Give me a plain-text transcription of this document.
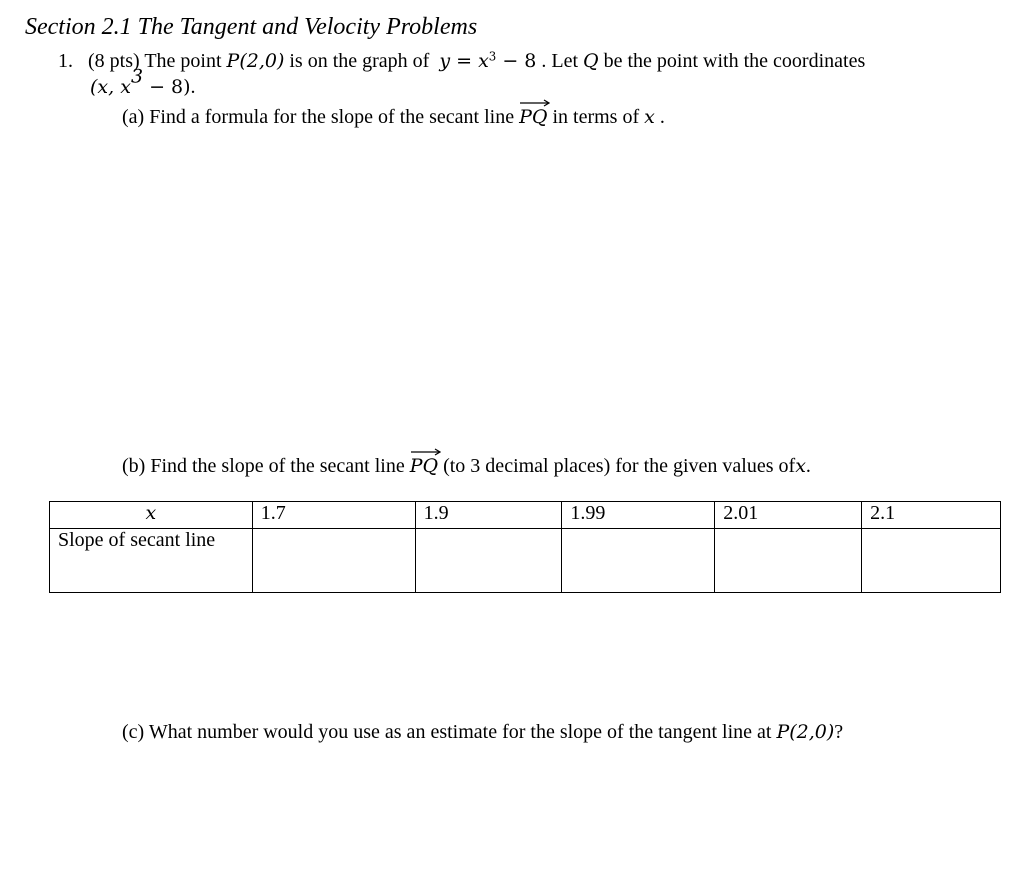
Section 2.1 The Tangent and Velocity Problems
1. (8 pts) The point P(2,0) is on the graph of $y = x^3 - 8$ . Let Q be the point with the coordinates
(x, $x^3 - 8$).
(a) Find a formula for the slope of the secant line PQ in terms of x .
(b) Find the slope of the secant line PQ (to 3 decimal places) for the given values ofx.
x	1.7	1.9	1.99	2.01	2.1
Slope of secant line					
(c) What number would you use as an estimate for the slope of the tangent line at P(2,0)?
